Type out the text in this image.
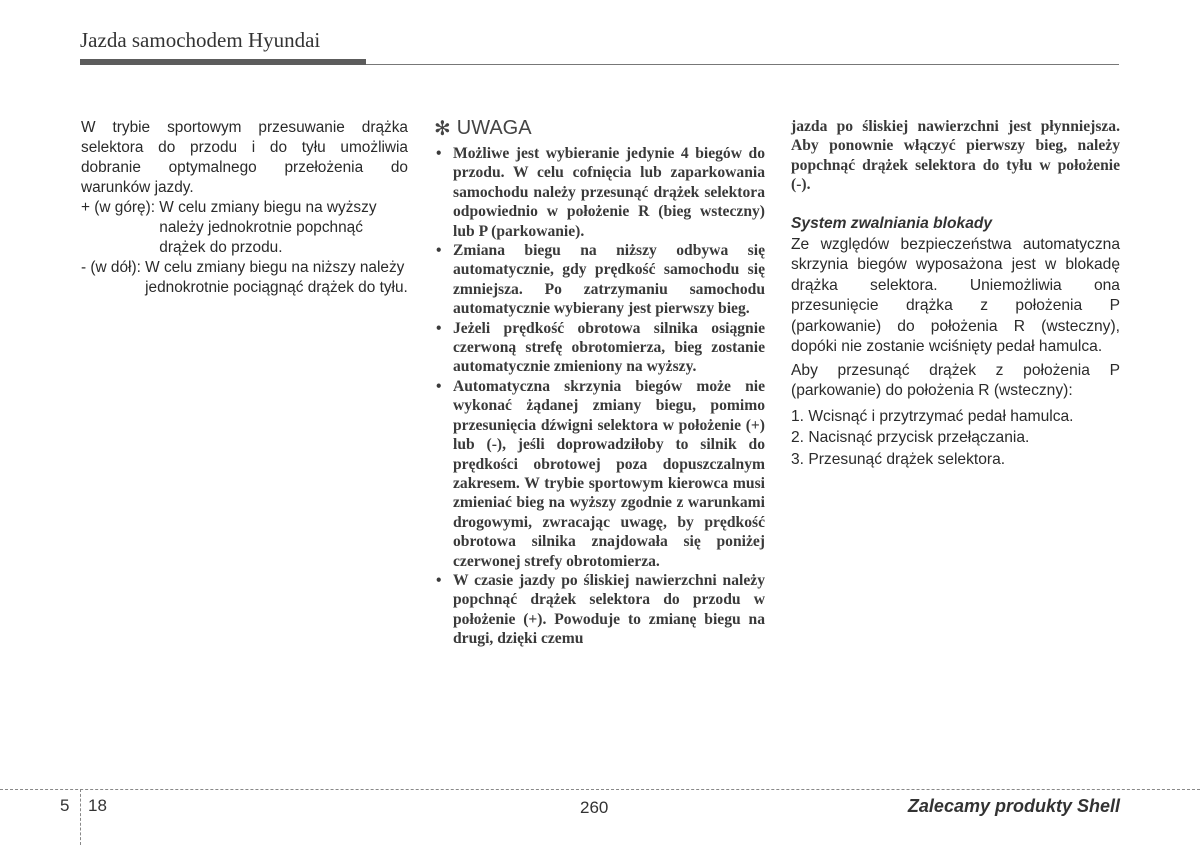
Jazda samochodem Hyundai

W trybie sportowym przesuwanie drążka selektora do przodu i do tyłu umożliwia dobranie optymalnego przełożenia do warunków jazdy.

+ (w górę): W celu zmiany biegu na wyższy należy jednokrotnie popchnąć drążek do przodu.
- (w dół): W celu zmiany biegu na niższy należy jednokrotnie pociągnąć drążek do tyłu.
✻ UWAGA
• Możliwe jest wybieranie jedynie 4 biegów do przodu. W celu cofnięcia lub zaparkowania samochodu należy przesunąć drążek selektora odpowiednio w położenie R (bieg wsteczny) lub P (parkowanie).
• Zmiana biegu na niższy odbywa się automatycznie, gdy prędkość samochodu się zmniejsza. Po zatrzymaniu samochodu automatycznie wybierany jest pierwszy bieg.
• Jeżeli prędkość obrotowa silnika osiągnie czerwoną strefę obrotomierza, bieg zostanie automatycznie zmieniony na wyższy.
• Automatyczna skrzynia biegów może nie wykonać żądanej zmiany biegu, pomimo przesunięcia dźwigni selektora w położenie (+) lub (-), jeśli doprowadziłoby to silnik do prędkości obrotowej poza dopuszczalnym zakresem. W trybie sportowym kierowca musi zmieniać bieg na wyższy zgodnie z warunkami drogowymi, zwracając uwagę, by prędkość obrotowa silnika znajdowała się poniżej czerwonej strefy obrotomierza.
• W czasie jazdy po śliskiej nawierzchni należy popchnąć drążek selektora do przodu w położenie (+). Powoduje to zmianę biegu na drugi, dzięki czemu

jazda po śliskiej nawierzchni jest płynniejsza. Aby ponownie włączyć pierwszy bieg, należy popchnąć drążek selektora do tyłu w położenie (-).

System zwalniania blokady

Ze względów bezpieczeństwa automatyczna skrzynia biegów wyposażona jest w blokadę drążka selektora. Uniemożliwia ona przesunięcie drążka z położenia P (parkowanie) do położenia R (wsteczny), dopóki nie zostanie wciśnięty pedał hamulca.

Aby przesunąć drążek z położenia P (parkowanie) do położenia R (wsteczny):

1. Wcisnąć i przytrzymać pedał hamulca.
2. Nacisnąć przycisk przełączania.
3. Przesunąć drążek selektora.
5 18	260	Zalecamy produkty Shell
